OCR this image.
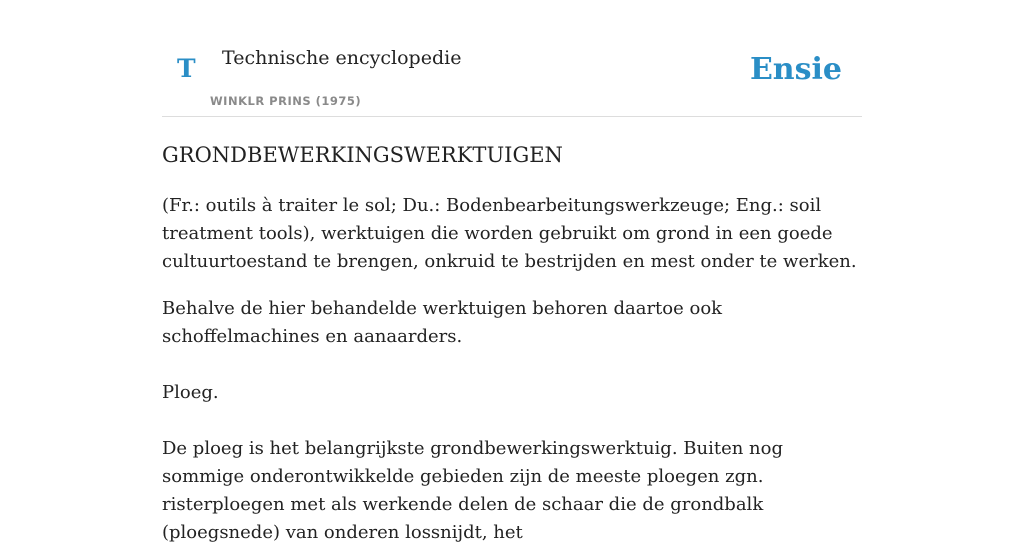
T Technische encyclopedie
WINKLR PRINS (1975)
Ensie
GRONDBEWERKINGSWERKTUIGEN

(Fr.: outils à traiter le sol; Du.: Bodenbearbeitungswerkzeuge; Eng.: soil treatment tools), werktuigen die worden gebruikt om grond in een goede cultuurtoestand te brengen, onkruid te bestrijden en mest onder te werken.

Behalve de hier behandelde werktuigen behoren daartoe ook schoffelmachines en aanaarders.

Ploeg.

De ploeg is het belangrijkste grondbewerkingswerktuig. Buiten nog sommige onderontwikkelde gebieden zijn de meeste ploegen zgn. risterploegen met als werkende delen de schaar die de grondbalk (ploegsnede) van onderen lossnijdt, het
